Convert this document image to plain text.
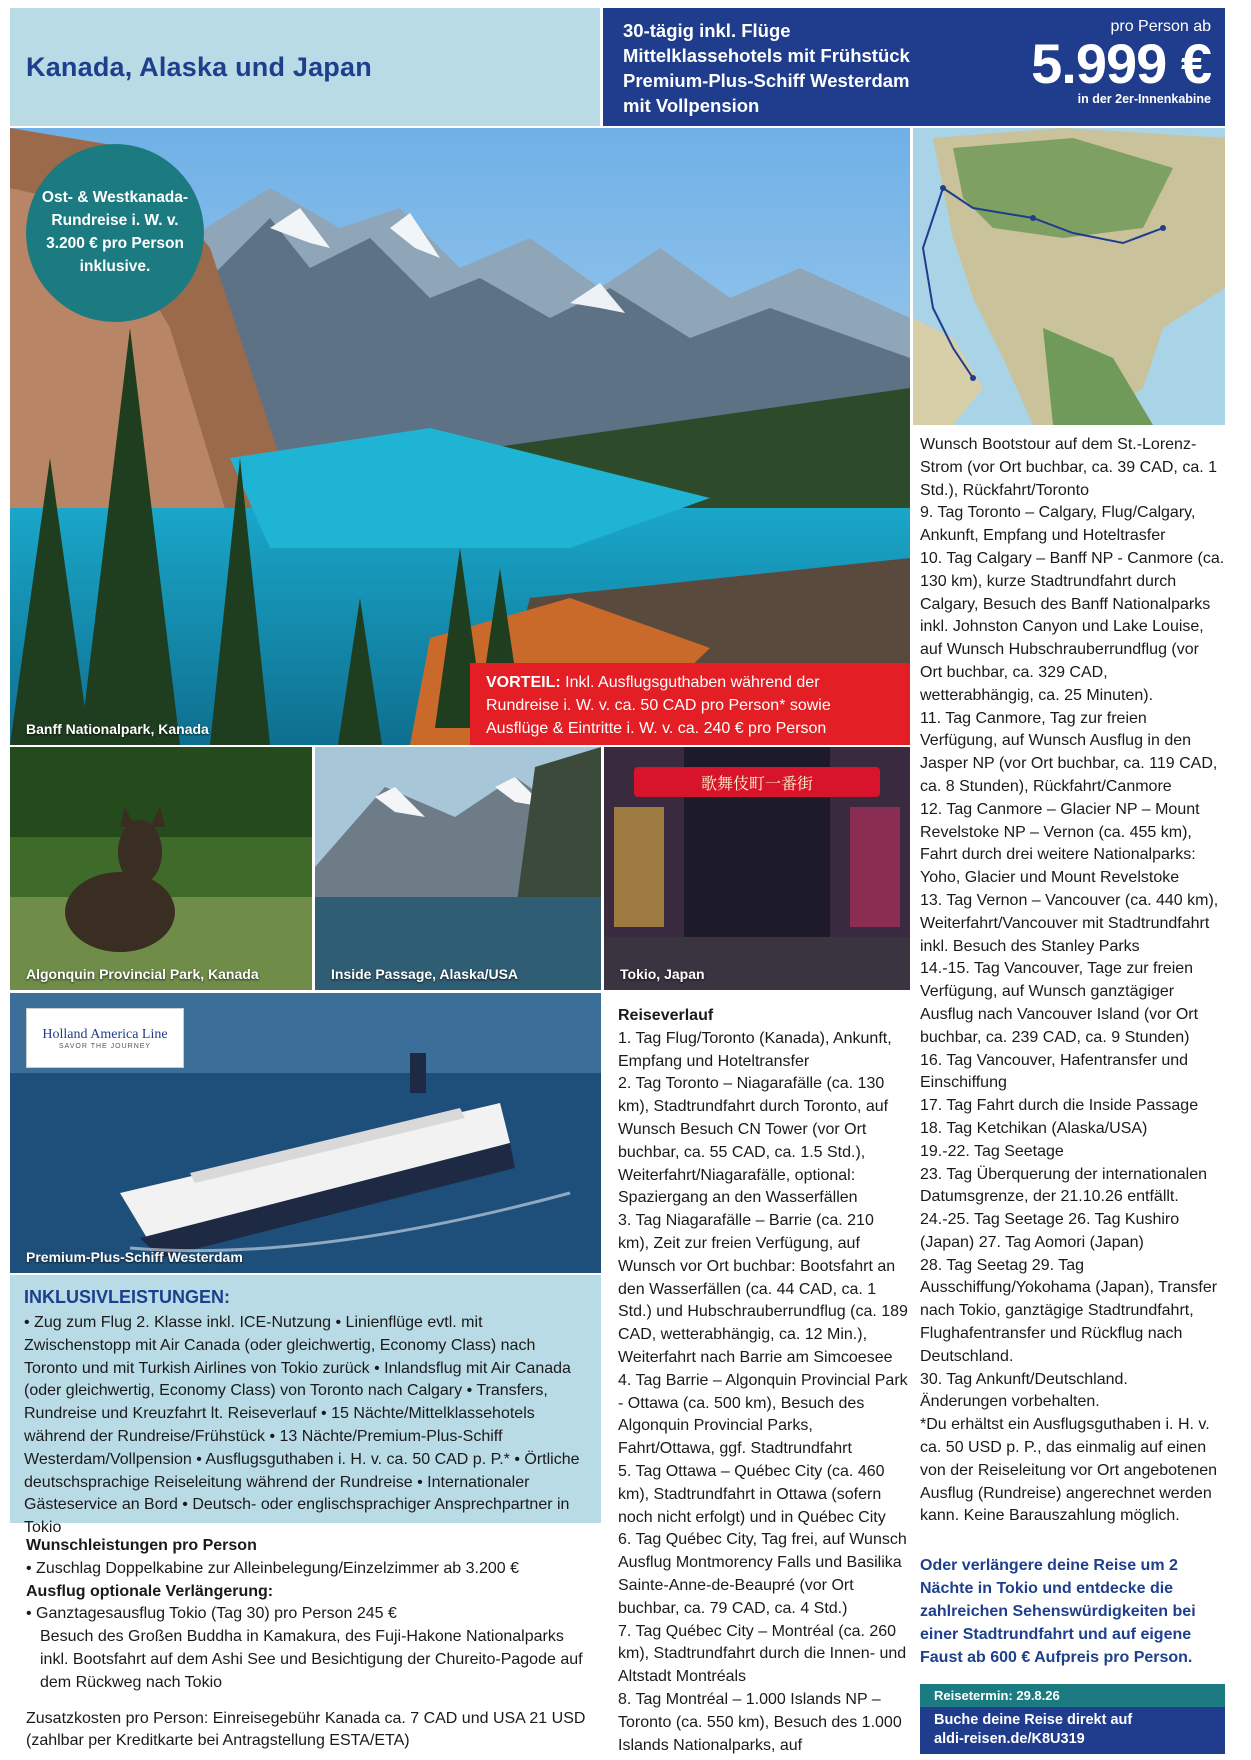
Kanada, Alaska und Japan
30-tägig inkl. Flüge
Mittelklassehotels mit Frühstück
Premium-Plus-Schiff Westerdam
mit Vollpension
pro Person ab
5.999 €
in der 2er-Innenkabine
Banff Nationalpark, Kanada
Ost- & Westkanada-
Rundreise i. W. v.
3.200 € pro Person
inklusive.
VORTEIL: Inkl. Ausflugsguthaben während der Rundreise i. W. v. ca. 50 CAD pro Person* sowie Ausflüge & Eintritte i. W. v. ca. 240 € pro Person
Algonquin Provincial Park, Kanada	Inside Passage, Alaska/USA
歌舞伎町一番街
Tokio, Japan
Premium-Plus-Schiff Westerdam
Holland America Line
SAVOR THE JOURNEY
INKLUSIVLEISTUNGEN:
• Zug zum Flug 2. Klasse inkl. ICE-Nutzung • Linienflüge evtl. mit Zwischenstopp mit Air Canada (oder gleichwertig, Economy Class) nach Toronto und mit Turkish Airlines von Tokio zurück • Inlandsflug mit Air Canada (oder gleichwertig, Economy Class) von Toronto nach Calgary • Transfers, Rundreise und Kreuzfahrt lt. Reiseverlauf • 15 Nächte/Mittelklassehotels während der Rundreise/Frühstück • 13 Nächte/Premium-Plus-Schiff Westerdam/Vollpension • Ausflugsguthaben i. H. v. ca. 50 CAD p. P.* • Örtliche deutschsprachige Reiseleitung während der Rundreise • Internationaler Gästeservice an Bord • Deutsch- oder englischsprachiger Ansprechpartner in Tokio
Wunschleistungen pro Person
• Zuschlag Doppelkabine zur Alleinbelegung/Einzelzimmer ab 3.200 €
Ausflug optionale Verlängerung:
• Ganztagesausflug Tokio (Tag 30) pro Person 245 €
Besuch des Großen Buddha in Kamakura, des Fuji-Hakone Nationalparks inkl. Bootsfahrt auf dem Ashi See und Besichtigung der Chureito-Pagode auf dem Rückweg nach Tokio
Zusatzkosten pro Person: Einreisegebühr Kanada ca. 7 CAD und USA 21 USD (zahlbar per Kreditkarte bei Antragstellung ESTA/ETA)
Reiseverlauf
1. Tag Flug/Toronto (Kanada), Ankunft, Empfang und Hoteltransfer
2. Tag Toronto – Niagarafälle (ca. 130 km), Stadtrundfahrt durch Toronto, auf Wunsch Besuch CN Tower (vor Ort buchbar, ca. 55 CAD, ca. 1.5 Std.), Weiterfahrt/Niagarafälle, optional: Spaziergang an den Wasserfällen
3. Tag Niagarafälle – Barrie (ca. 210 km), Zeit zur freien Verfügung, auf Wunsch vor Ort buchbar: Bootsfahrt an den Wasserfällen (ca. 44 CAD, ca. 1 Std.) und Hubschrauberrundflug (ca. 189 CAD, wetterabhängig, ca. 12 Min.), Weiterfahrt nach Barrie am Simcoesee
4. Tag Barrie – Algonquin Provincial Park - Ottawa (ca. 500 km), Besuch des Algonquin Provincial Parks, Fahrt/Ottawa, ggf. Stadtrundfahrt
5. Tag Ottawa – Québec City (ca. 460 km), Stadtrundfahrt in Ottawa (sofern noch nicht erfolgt) und in Québec City
6. Tag Québec City, Tag frei, auf Wunsch Ausflug Montmorency Falls und Basilika Sainte-Anne-de-Beaupré (vor Ort buchbar, ca. 79 CAD, ca. 4 Std.)
7. Tag Québec City – Montréal (ca. 260 km), Stadtrundfahrt durch die Innen- und Altstadt Montréals
8. Tag Montréal – 1.000 Islands NP – Toronto (ca. 550 km), Besuch des 1.000 Islands Nationalparks, auf
Wunsch Bootstour auf dem St.-Lorenz-Strom (vor Ort buchbar, ca. 39 CAD, ca. 1 Std.), Rückfahrt/Toronto
9. Tag Toronto – Calgary, Flug/Calgary, Ankunft, Empfang und Hoteltrasfer
10. Tag Calgary – Banff NP - Canmore (ca. 130 km), kurze Stadtrundfahrt durch Calgary, Besuch des Banff Nationalparks inkl. Johnston Canyon und Lake Louise, auf Wunsch Hubschrauberrundflug (vor Ort buchbar, ca. 329 CAD, wetterabhängig, ca. 25 Minuten).
11. Tag Canmore, Tag zur freien Verfügung, auf Wunsch Ausflug in den Jasper NP (vor Ort buchbar, ca. 119 CAD, ca. 8 Stunden), Rückfahrt/Canmore
12. Tag Canmore – Glacier NP – Mount Revelstoke NP – Vernon (ca. 455 km), Fahrt durch drei weitere Nationalparks: Yoho, Glacier und Mount Revelstoke
13. Tag Vernon – Vancouver (ca. 440 km), Weiterfahrt/Vancouver mit Stadtrundfahrt inkl. Besuch des Stanley Parks
14.-15. Tag Vancouver, Tage zur freien Verfügung, auf Wunsch ganztägiger Ausflug nach Vancouver Island (vor Ort buchbar, ca. 239 CAD, ca. 9 Stunden)
16. Tag Vancouver, Hafentransfer und Einschiffung
17. Tag Fahrt durch die Inside Passage
18. Tag Ketchikan (Alaska/USA)
19.-22. Tag Seetage
23. Tag Überquerung der internationalen Datumsgrenze, der 21.10.26 entfällt.
24.-25. Tag Seetage 26. Tag Kushiro (Japan) 27. Tag Aomori (Japan)
28. Tag Seetag 29. Tag Ausschiffung/Yokohama (Japan), Transfer nach Tokio, ganztägige Stadtrundfahrt, Flughafentransfer und Rückflug nach Deutschland.
30. Tag Ankunft/Deutschland.
Änderungen vorbehalten.
*Du erhältst ein Ausflugsguthaben i. H. v. ca. 50 USD p. P., das einmalig auf einen von der Reiseleitung vor Ort angebotenen Ausflug (Rundreise) angerechnet werden kann. Keine Barauszahlung möglich.
Oder verlängere deine Reise um 2 Nächte in Tokio und entdecke die zahlreichen Sehenswürdigkeiten bei einer Stadtrundfahrt und auf eigene Faust ab 600 € Aufpreis pro Person.
Reisetermin: 29.8.26
Buche deine Reise direkt auf
aldi-reisen.de/K8U319
